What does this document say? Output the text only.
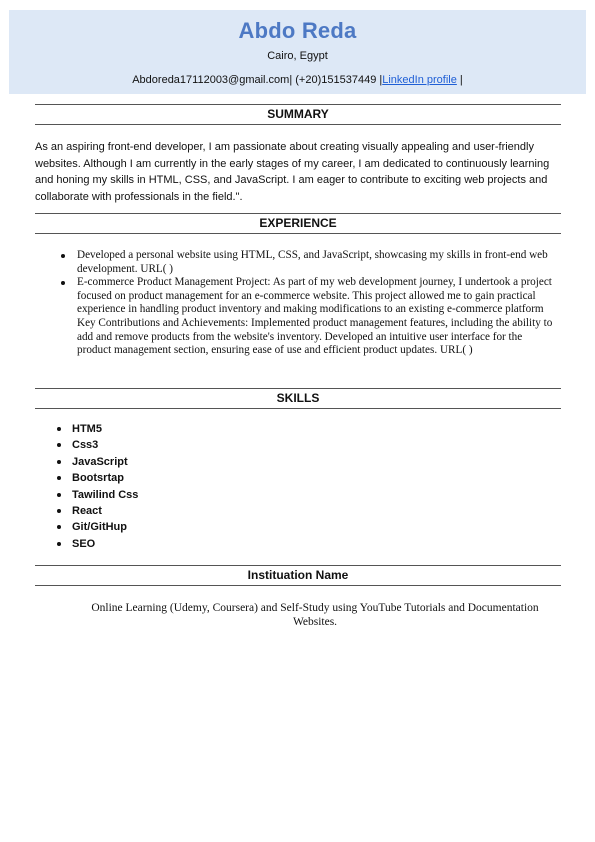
Abdo Reda
Cairo, Egypt
Abdoreda17112003@gmail.com| (+20)151537449 |LinkedIn profile |
SUMMARY
As an aspiring front-end developer, I am passionate about creating visually appealing and user-friendly websites. Although I am currently in the early stages of my career, I am dedicated to continuously learning and honing my skills in HTML, CSS, and JavaScript. I am eager to contribute to exciting web projects and collaborate with professionals in the field.".
EXPERIENCE
Developed a personal website using HTML, CSS, and JavaScript, showcasing my skills in front-end web development. URL( )
E-commerce Product Management Project: As part of my web development journey, I undertook a project focused on product management for an e-commerce website. This project allowed me to gain practical experience in handling product inventory and making modifications to an existing e-commerce platform Key Contributions and Achievements: Implemented product management features, including the ability to add and remove products from the website's inventory. Developed an intuitive user interface for the product management section, ensuring ease of use and efficient product updates. URL( )
SKILLS
HTM5
Css3
JavaScript
Bootsrtap
Tawilind Css
React
Git/GitHup
SEO
Instituation Name
Online Learning (Udemy, Coursera) and Self-Study using YouTube Tutorials and Documentation Websites.
